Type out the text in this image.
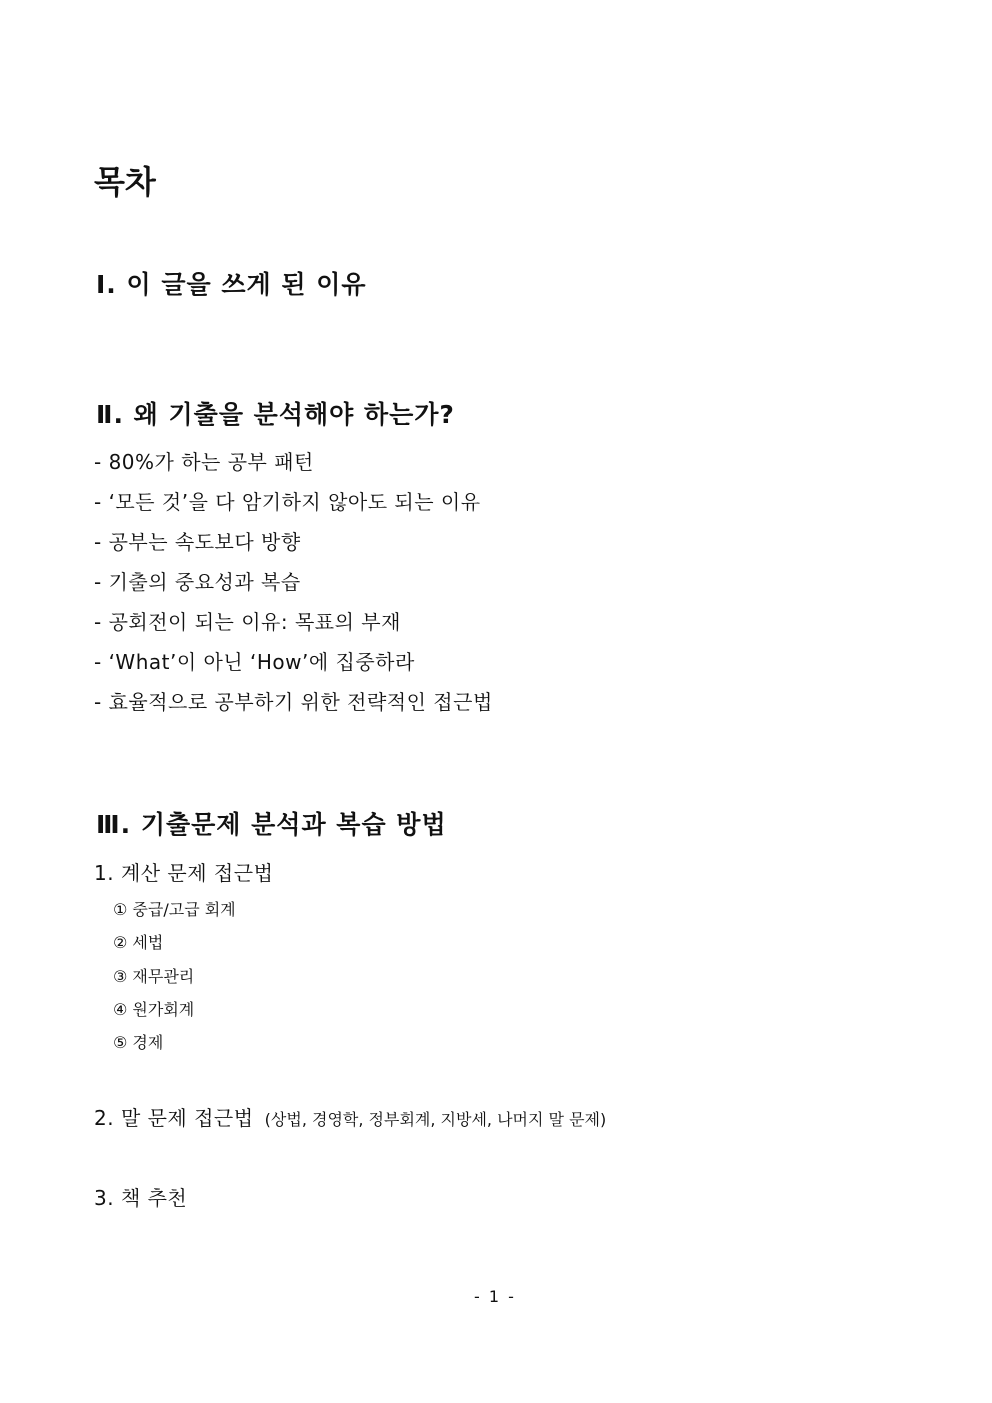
목차
Ⅰ. 이 글을 쓰게 된 이유
Ⅱ. 왜 기출을 분석해야 하는가?
- 80%가 하는 공부 패턴
- ‘모든 것’을 다 암기하지 않아도 되는 이유
- 공부는 속도보다 방향
- 기출의 중요성과 복습
- 공회전이 되는 이유: 목표의 부재
- ‘What’이 아닌 ‘How’에 집중하라
- 효율적으로 공부하기 위한 전략적인 접근법
Ⅲ. 기출문제 분석과 복습 방법
1. 계산 문제 접근법
① 중급/고급 회계
② 세법
③ 재무관리
④ 원가회계
⑤ 경제
2. 말 문제 접근법 (상법, 경영학, 정부회계, 지방세, 나머지 말 문제)
3. 책 추천
- 1 -
